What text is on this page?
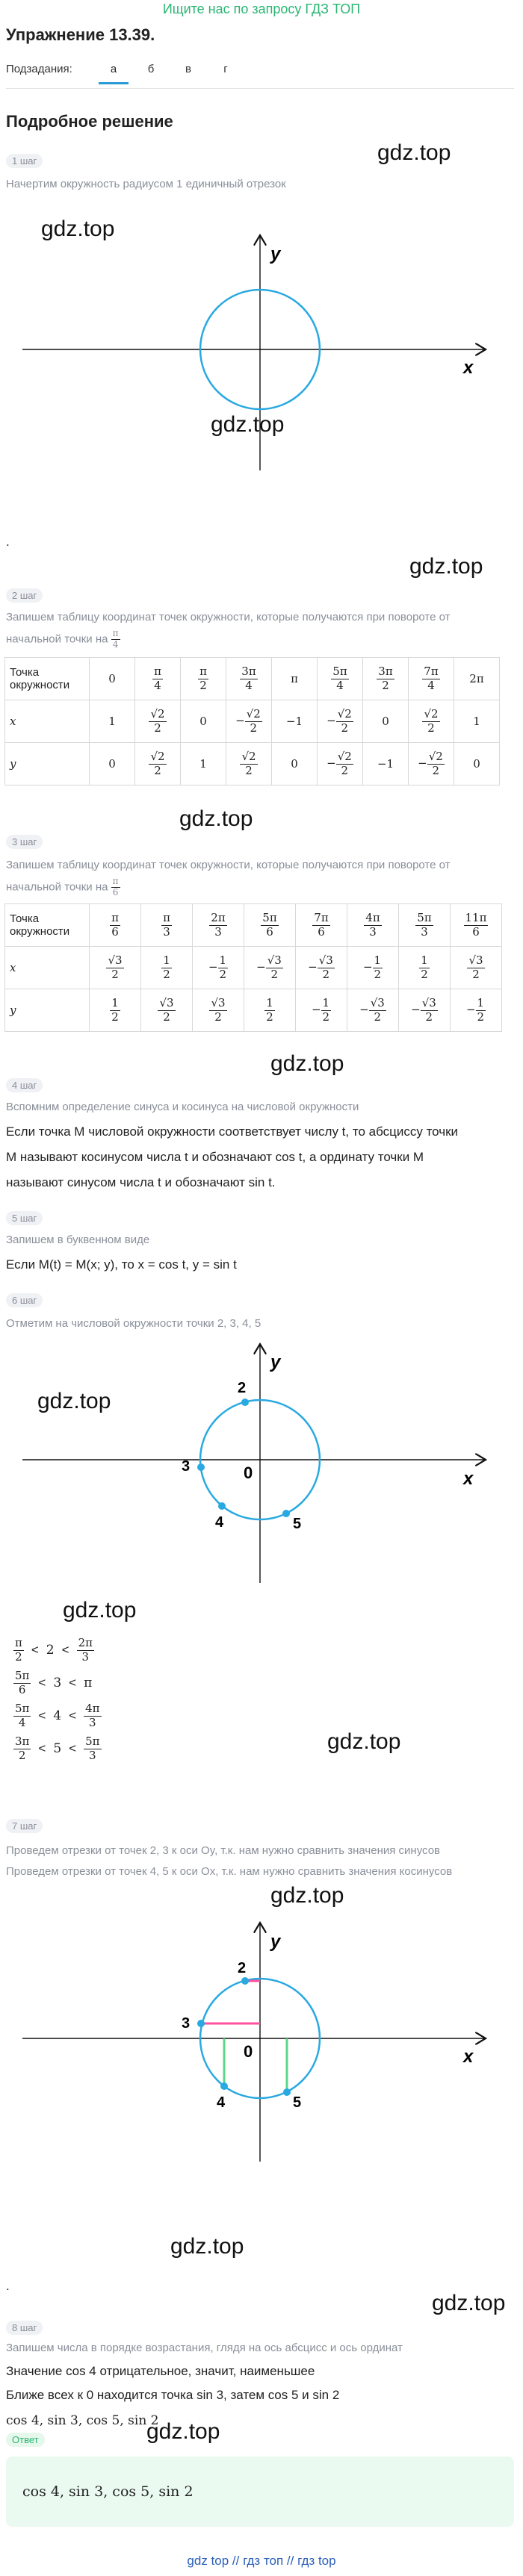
Ищите нас по запросу ГДЗ ТОП
Упражнение 13.39.
Подзадания:	а	б	в	г
Подробное решение
1 шаг	gdz.top
Начертим окружность радиусом 1 единичный отрезок
gdz.top
x
y
gdz.top
.
gdz.top
2 шаг
Запишем таблицу координат точек окружности, которые получаются при повороте от
начальной точки на $\frac{\pi}{4}$
Точка окружности	0	$\frac{\pi}{4}$	$\frac{\pi}{2}$	$\frac{3\pi}{4}$	π	$\frac{5\pi}{4}$	$\frac{3\pi}{2}$	$\frac{7\pi}{4}$	2π
x	1	$\frac{√2}{2}$	0	− $\frac{√2}{2}$	−1	− $\frac{√2}{2}$	0	$\frac{√2}{2}$	1
y	0	$\frac{√2}{2}$	1	$\frac{√2}{2}$	0	− $\frac{√2}{2}$	−1	− $\frac{√2}{2}$	0
gdz.top
3 шаг
Запишем таблицу координат точек окружности, которые получаются при повороте от
начальной точки на $\frac{\pi}{6}$
Точка окружности	$\frac{\pi}{6}$	$\frac{\pi}{3}$	$\frac{2\pi}{3}$	$\frac{5\pi}{6}$	$\frac{7\pi}{6}$	$\frac{4\pi}{3}$	$\frac{5\pi}{3}$	$\frac{11\pi}{6}$

x	$\frac{√3}{2}$	$\frac{1}{2}$	− $\frac{1}{2}$	− $\frac{√3}{2}$	− $\frac{√3}{2}$	− $\frac{1}{2}$	$\frac{1}{2}$	$\frac{√3}{2}$

y	$\frac{1}{2}$	$\frac{√3}{2}$	$\frac{√3}{2}$	$\frac{1}{2}$	− $\frac{1}{2}$	− $\frac{√3}{2}$	− $\frac{√3}{2}$	− $\frac{1}{2}$
gdz.top
4 шаг
Вспомним определение синуса и косинуса на числовой окружности
Если точка M числовой окружности соответствует числу t, то абсциссу точки
M называют косинусом числа t и обозначают cos t, а ординату точки M
называют синусом числа t и обозначают sin t.
5 шаг
Запишем в буквенном виде
Если M(t) = M(x; y), то x = cos t, y = sin t
6 шаг
Отметим на числовой окружности точки 2, 3, 4, 5
2
3
4	5
0	x
y
gdz.top
gdz.top
$\frac{\pi}{2} < 2 < \frac{2\pi}{3}$
$\frac{5\pi}{6} < 3 < \pi$
$\frac{5\pi}{4} < 4 < \frac{4\pi}{3}$
$\frac{3\pi}{2} < 5 < \frac{5\pi}{3}$	gdz.top
7 шаг
Проведем отрезки от точек 2, 3 к оси Oy, т.к. нам нужно сравнить значения синусов
Проведем отрезки от точек 4, 5 к оси Ox, т.к. нам нужно сравнить значения косинусов
gdz.top
2
3
4	5
0	x
y
gdz.top
.
gdz.top
8 шаг
Запишем числа в порядке возрастания, глядя на ось абсцисс и ось ординат
Значение cos 4 отрицательное, значит, наименьшее
Ближе всех к 0 находится точка sin 3, затем cos 5 и sin 2
cos 4, sin 3, cos 5, sin 2
Ответ	gdz.top
cos 4, sin 3, cos 5, sin 2
gdz top // гдз топ // гдз top
